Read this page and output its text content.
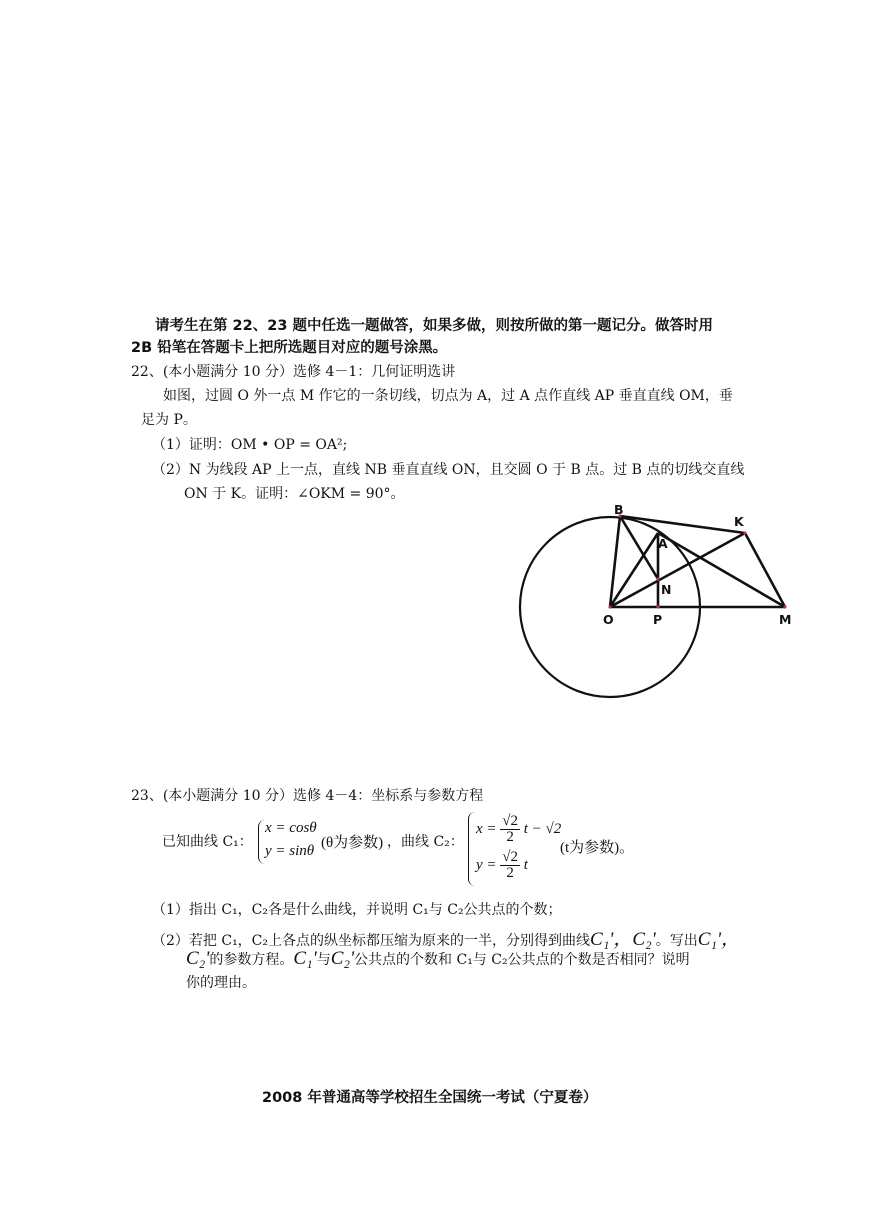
请考生在第 22、23 题中任选一题做答，如果多做，则按所做的第一题记分。做答时用
2B 铅笔在答题卡上把所选题目对应的题号涂黑。
22、(本小题满分 10 分）选修 4－1：几何证明选讲
如图，过圆 O 外一点 M 作它的一条切线，切点为 A，过 A 点作直线 AP 垂直直线 OM，垂
足为 P。
（1）证明：OM • OP = OA²;
（2）N 为线段 AP 上一点，直线 NB 垂直直线 ON，且交圆 O 于 B 点。过 B 点的切线交直线
ON 于 K。证明：∠OKM = 90°。
B
K
A
N
O	P	M
23、(本小题满分 10 分）选修 4－4：坐标系与参数方程
已知曲线 C₁：
x = cosθ
y = sinθ (θ为参数) ，曲线 C₂：
$x = \frac{√2}{2}$ t − √2
$y = \frac{√2}{2}$ t
(t为参数)。
（1）指出 C₁，C₂各是什么曲线，并说明 C₁与 C₂公共点的个数；
（2）若把 C₁，C₂上各点的纵坐标都压缩为原来的一半，分别得到曲线C₁'，C₂'。写出C₁'，
C₂'的参数方程。C₁'与C₂'公共点的个数和 C₁与 C₂公共点的个数是否相同？说明
你的理由。
2008 年普通高等学校招生全国统一考试（宁夏卷）
